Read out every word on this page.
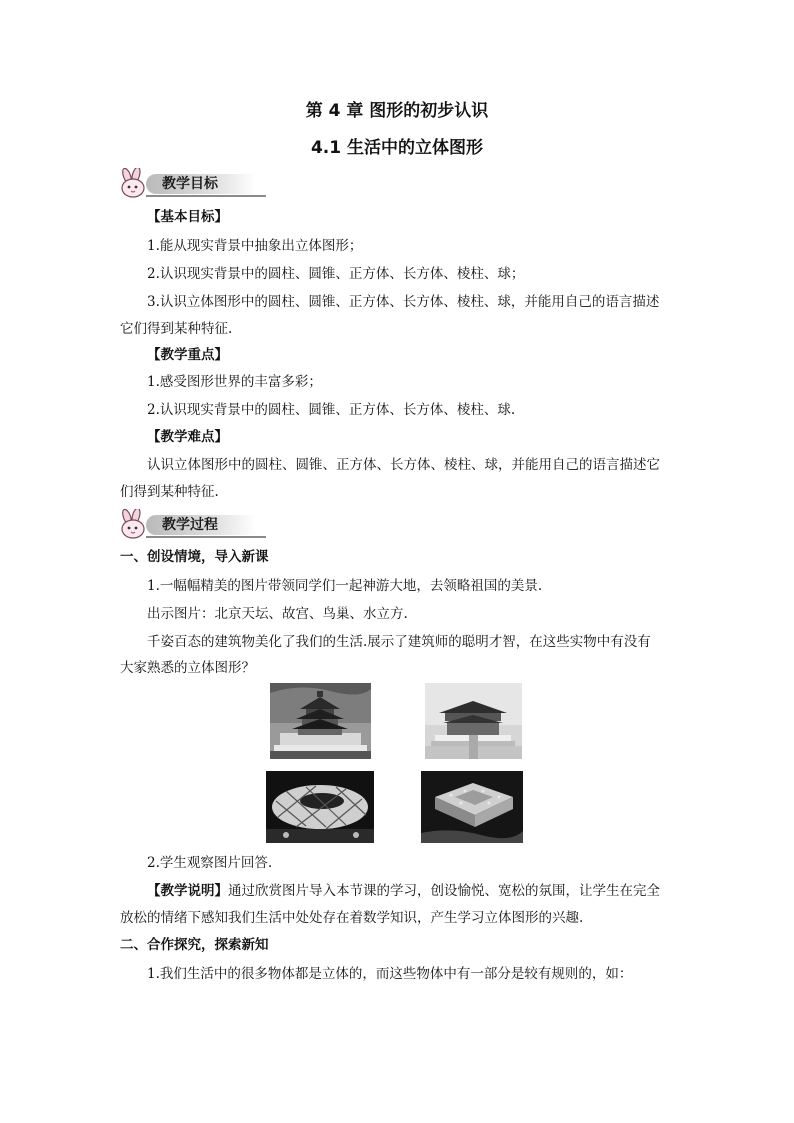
第 4 章 图形的初步认识
4.1 生活中的立体图形
教学目标
【基本目标】
1.能从现实背景中抽象出立体图形；
2.认识现实背景中的圆柱、圆锥、正方体、长方体、棱柱、球；
3.认识立体图形中的圆柱、圆锥、正方体、长方体、棱柱、球，并能用自己的语言描述
它们得到某种特征.
【教学重点】
1.感受图形世界的丰富多彩；
2.认识现实背景中的圆柱、圆锥、正方体、长方体、棱柱、球.
【教学难点】
认识立体图形中的圆柱、圆锥、正方体、长方体、棱柱、球，并能用自己的语言描述它
们得到某种特征.
教学过程
一、创设情境，导入新课
1.一幅幅精美的图片带领同学们一起神游大地，去领略祖国的美景.
出示图片：北京天坛、故宫、鸟巢、水立方.
千姿百态的建筑物美化了我们的生活.展示了建筑师的聪明才智，在这些实物中有没有
大家熟悉的立体图形？
2.学生观察图片回答.
【教学说明】通过欣赏图片导入本节课的学习，创设愉悦、宽松的氛围，让学生在完全
放松的情绪下感知我们生活中处处存在着数学知识，产生学习立体图形的兴趣.
二、合作探究，探索新知
1.我们生活中的很多物体都是立体的，而这些物体中有一部分是较有规则的，如：
